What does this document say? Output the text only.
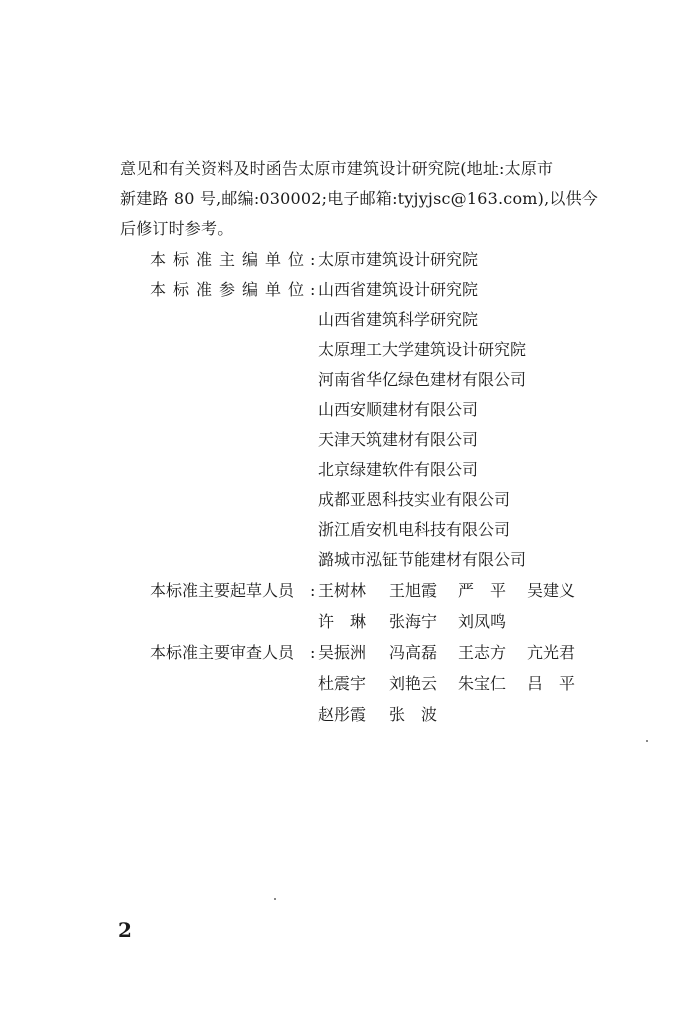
意见和有关资料及时函告太原市建筑设计研究院(地址:太原市
新建路 80 号,邮编:030002;电子邮箱:tyjyjsc@163.com),以供今
后修订时参考。
本标准主编单位
: 太原市建筑设计研究院
本标准参编单位
: 山西省建筑设计研究院
山西省建筑科学研究院
太原理工大学建筑设计研究院
河南省华亿绿色建材有限公司
山西安顺建材有限公司
天津天筑建材有限公司
北京绿建软件有限公司
成都亚恩科技实业有限公司
浙江盾安机电科技有限公司
潞城市泓钲节能建材有限公司
本标准主要起草人员 : 王树林 王旭霞 严　平 吴建义
许　琳 张海宁 刘凤鸣
本标准主要审查人员 : 吴振洲 冯高磊 王志方 亢光君
杜震宇 刘艳云 朱宝仁 吕　平
赵彤霞 张　波
2
